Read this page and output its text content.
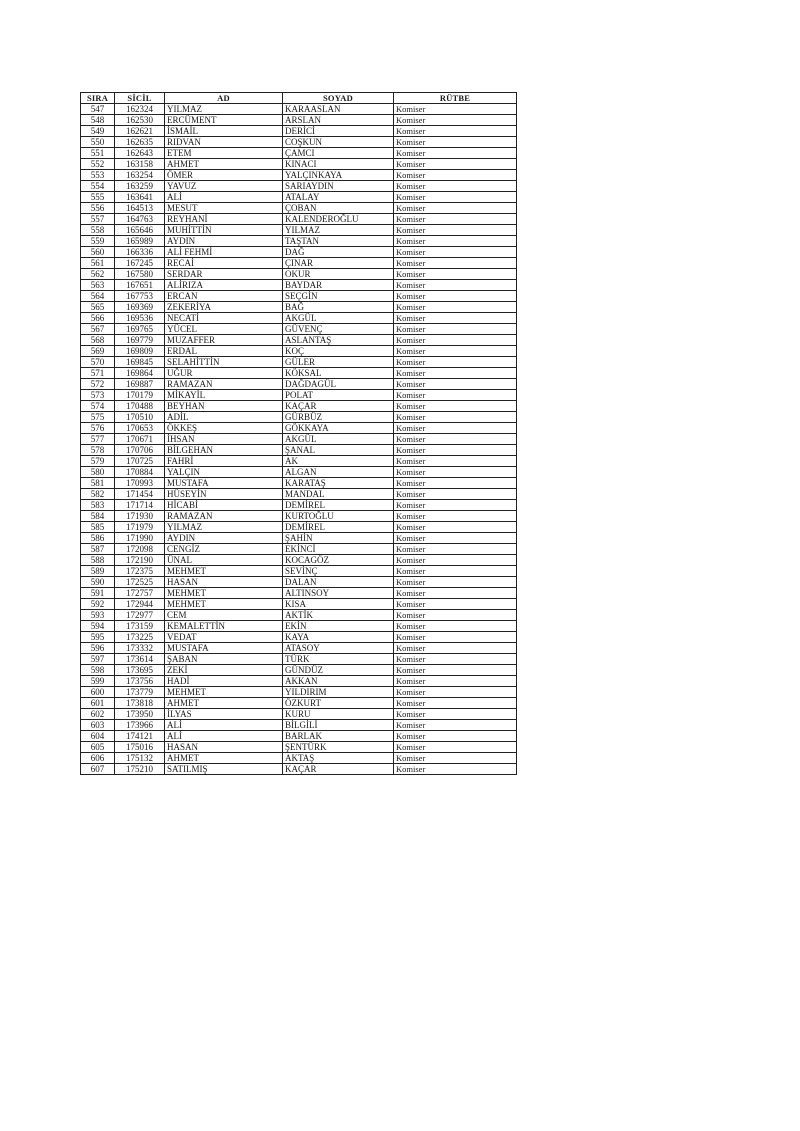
SIRA	SİCİL	AD	SOYAD	RÜTBE
547	162324	YILMAZ	KARAASLAN	Komiser
548	162530	ERCÜMENT	ARSLAN	Komiser
549	162621	İSMAİL	DERİCİ	Komiser
550	162635	RIDVAN	COŞKUN	Komiser
551	162643	ETEM	ÇAMCI	Komiser
552	163158	AHMET	KINACI	Komiser
553	163254	ÖMER	YALÇINKAYA	Komiser
554	163259	YAVUZ	SARIAYDIN	Komiser
555	163641	ALİ	ATALAY	Komiser
556	164513	MESUT	ÇOBAN	Komiser
557	164763	REYHANİ	KALENDEROĞLU	Komiser
558	165646	MUHİTTİN	YILMAZ	Komiser
559	165989	AYDIN	TAŞTAN	Komiser
560	166336	ALİ FEHMİ	DAĞ	Komiser
561	167245	RECAİ	ÇINAR	Komiser
562	167580	SERDAR	OKUR	Komiser
563	167651	ALİRIZA	BAYDAR	Komiser
564	167753	ERCAN	SEÇGİN	Komiser
565	169369	ZEKERİYA	BAĞ	Komiser
566	169536	NECATİ	AKGÜL	Komiser
567	169765	YÜCEL	GÜVENÇ	Komiser
568	169779	MUZAFFER	ASLANTAŞ	Komiser
569	169809	ERDAL	KOÇ	Komiser
570	169845	SELAHİTTİN	GÜLER	Komiser
571	169864	UĞUR	KÖKSAL	Komiser
572	169887	RAMAZAN	DAĞDAGÜL	Komiser
573	170179	MİKAYİL	POLAT	Komiser
574	170488	BEYHAN	KAÇAR	Komiser
575	170510	ADİL	GÜRBÜZ	Komiser
576	170653	ÖKKEŞ	GÖKKAYA	Komiser
577	170671	İHSAN	AKGÜL	Komiser
578	170706	BİLGEHAN	ŞANAL	Komiser
579	170725	FAHRİ	AK	Komiser
580	170884	YALÇIN	ALGAN	Komiser
581	170993	MUSTAFA	KARATAŞ	Komiser
582	171454	HÜSEYİN	MANDAL	Komiser
583	171714	HİCABİ	DEMİREL	Komiser
584	171930	RAMAZAN	KURTOĞLU	Komiser
585	171979	YILMAZ	DEMİREL	Komiser
586	171990	AYDIN	ŞAHİN	Komiser
587	172098	CENGİZ	EKİNCİ	Komiser
588	172190	ÜNAL	KOCAGÖZ	Komiser
589	172375	MEHMET	SEVİNÇ	Komiser
590	172525	HASAN	DALAN	Komiser
591	172757	MEHMET	ALTINSOY	Komiser
592	172944	MEHMET	KISA	Komiser
593	172977	CEM	AKTİK	Komiser
594	173159	KEMALETTİN	EKİN	Komiser
595	173225	VEDAT	KAYA	Komiser
596	173332	MUSTAFA	ATASOY	Komiser
597	173614	ŞABAN	TÜRK	Komiser
598	173695	ZEKİ	GÜNDÜZ	Komiser
599	173756	HADİ	AKKAN	Komiser
600	173779	MEHMET	YILDIRIM	Komiser
601	173818	AHMET	ÖZKURT	Komiser
602	173950	İLYAS	KURU	Komiser
603	173966	ALİ	BİLGİLİ	Komiser
604	174121	ALİ	BARLAK	Komiser
605	175016	HASAN	ŞENTÜRK	Komiser
606	175132	AHMET	AKTAŞ	Komiser
607	175210	SATILMIŞ	KAÇAR	Komiser
